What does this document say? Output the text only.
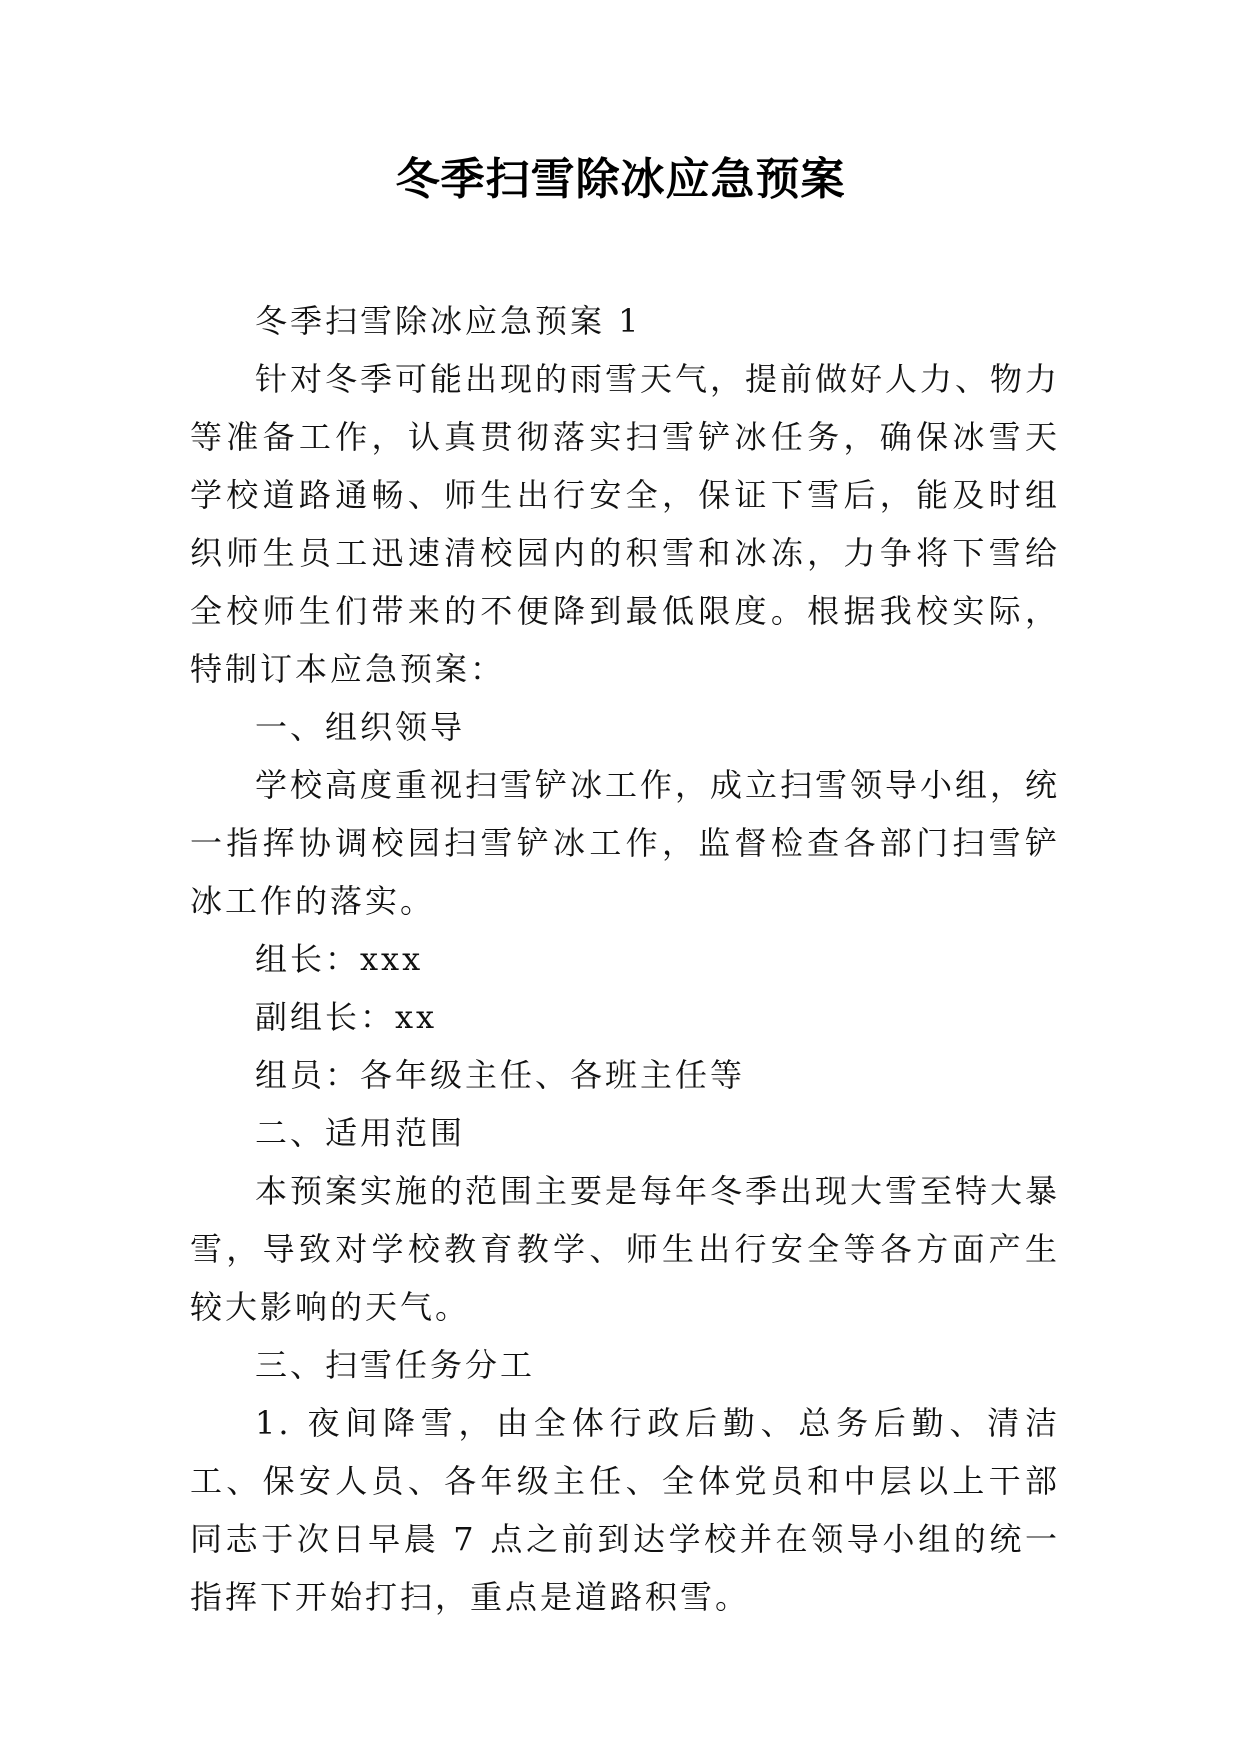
冬季扫雪除冰应急预案

冬季扫雪除冰应急预案 1

针对冬季可能出现的雨雪天气，提前做好人力、物力等准备工作，认真贯彻落实扫雪铲冰任务，确保冰雪天学校道路通畅、师生出行安全，保证下雪后，能及时组织师生员工迅速清校园内的积雪和冰冻，力争将下雪给全校师生们带来的不便降到最低限度。根据我校实际，特制订本应急预案：

一、组织领导

学校高度重视扫雪铲冰工作，成立扫雪领导小组，统一指挥协调校园扫雪铲冰工作，监督检查各部门扫雪铲冰工作的落实。

组长：xxx

副组长：xx

组员：各年级主任、各班主任等

二、适用范围

本预案实施的范围主要是每年冬季出现大雪至特大暴雪，导致对学校教育教学、师生出行安全等各方面产生较大影响的天气。

三、扫雪任务分工

1. 夜间降雪，由全体行政后勤、总务后勤、清洁工、保安人员、各年级主任、全体党员和中层以上干部同志于次日早晨 7 点之前到达学校并在领导小组的统一指挥下开始打扫，重点是道路积雪。
